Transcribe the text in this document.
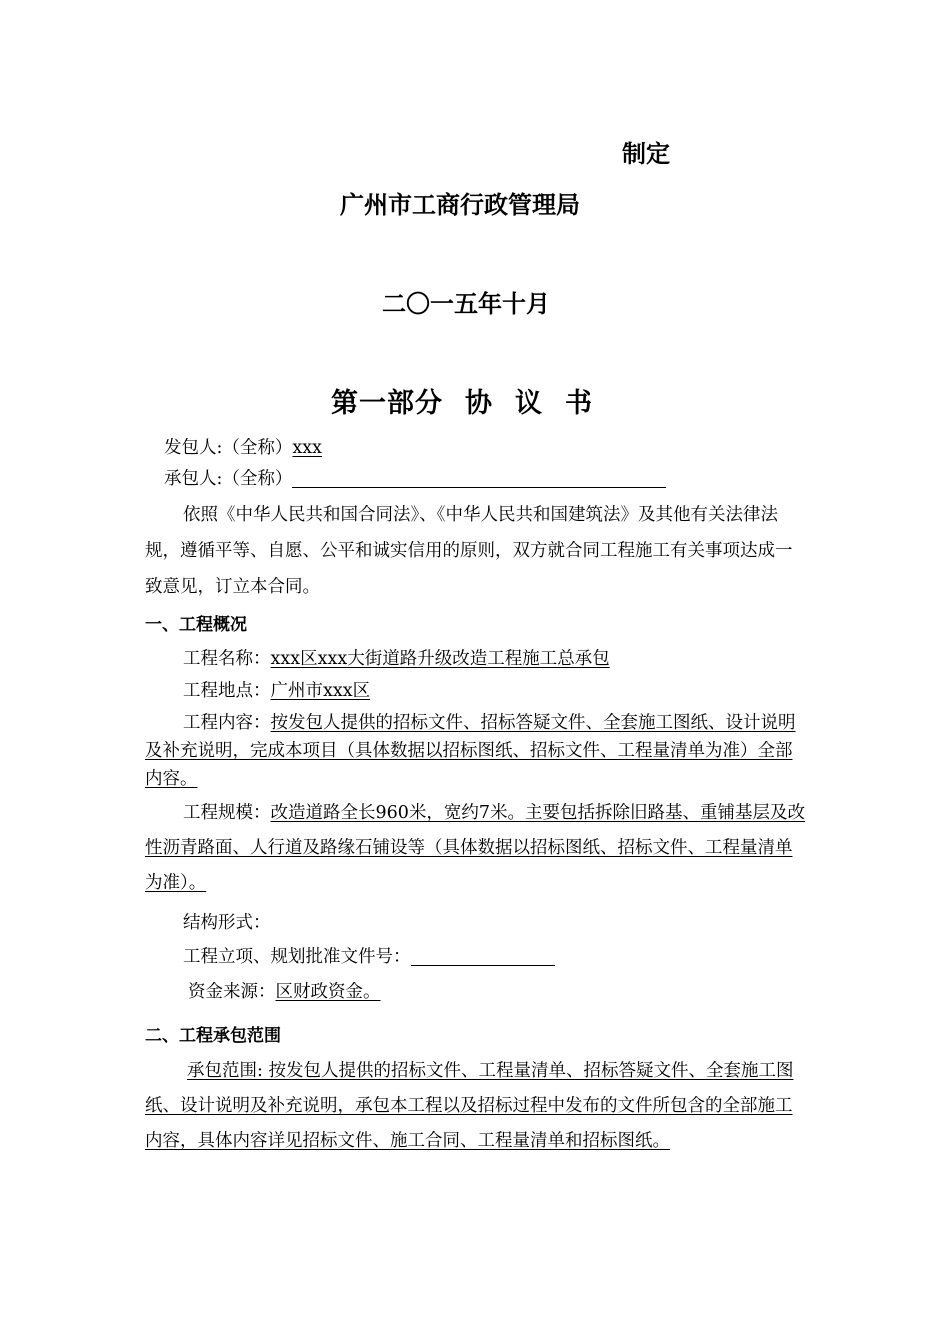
制定
广州市工商行政管理局
二〇一五年十月
第一部分 协 议 书
发包人:（全称）xxx
承包人:（全称）
依照《中华人民共和国合同法》、《中华人民共和国建筑法》及其他有关法律法规，遵循平等、自愿、公平和诚实信用的原则，双方就合同工程施工有关事项达成一致意见，订立本合同。
一、工程概况
工程名称：xxx区xxx大街道路升级改造工程施工总承包
工程地点：广州市xxx区
工程内容：按发包人提供的招标文件、招标答疑文件、全套施工图纸、设计说明及补充说明，完成本项目（具体数据以招标图纸、招标文件、工程量清单为准）全部内容。
工程规模：改造道路全长960米，宽约7米。主要包括拆除旧路基、重铺基层及改性沥青路面、人行道及路缘石铺设等（具体数据以招标图纸、招标文件、工程量清单为准）。
结构形式：
工程立项、规划批准文件号：
资金来源：区财政资金。
二、工程承包范围
承包范围: 按发包人提供的招标文件、工程量清单、招标答疑文件、全套施工图纸、设计说明及补充说明，承包本工程以及招标过程中发布的文件所包含的全部施工内容，具体内容详见招标文件、施工合同、工程量清单和招标图纸。
